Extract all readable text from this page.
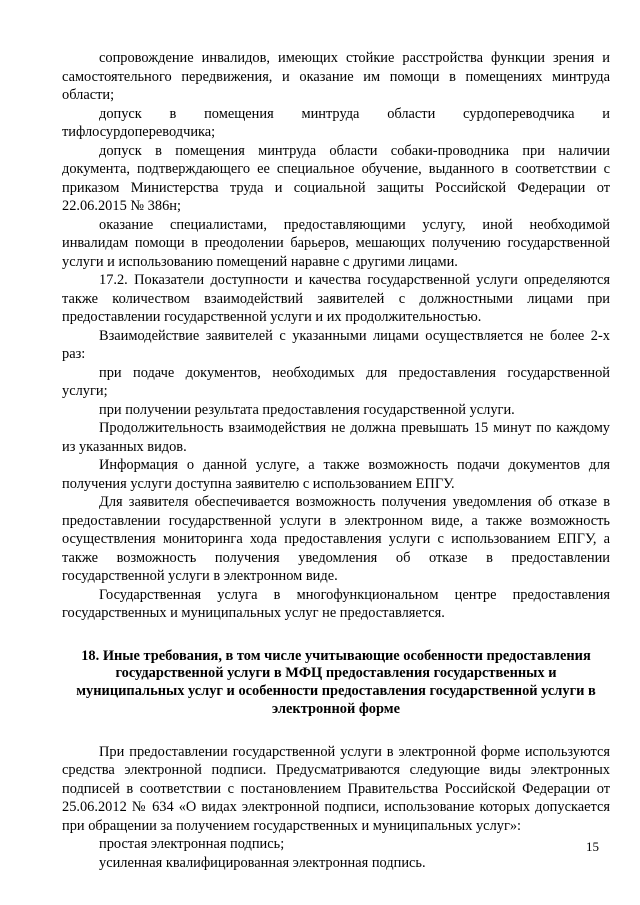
сопровождение инвалидов, имеющих стойкие расстройства функции зрения и самостоятельного передвижения, и оказание им помощи в помещениях минтруда области;

допуск в помещения минтруда области сурдопереводчика и тифлосурдопереводчика;

допуск в помещения минтруда области собаки-проводника при наличии документа, подтверждающего ее специальное обучение, выданного в соответствии с приказом Министерства труда и социальной защиты Российской Федерации от 22.06.2015 № 386н;

оказание специалистами, предоставляющими услугу, иной необходимой инвалидам помощи в преодолении барьеров, мешающих получению государственной услуги и использованию помещений наравне с другими лицами.

17.2. Показатели доступности и качества государственной услуги определяются также количеством взаимодействий заявителей с должностными лицами при предоставлении государственной услуги и их продолжительностью.

Взаимодействие заявителей с указанными лицами осуществляется не более 2-х раз:

при подаче документов, необходимых для предоставления государственной услуги;

при получении результата предоставления государственной услуги.

Продолжительность взаимодействия не должна превышать 15 минут по каждому из указанных видов.

Информация о данной услуге, а также возможность подачи документов для получения услуги доступна заявителю с использованием ЕПГУ.

Для заявителя обеспечивается возможность получения уведомления об отказе в предоставлении государственной услуги в электронном виде, а также возможность осуществления мониторинга хода предоставления услуги с использованием ЕПГУ, а также возможность получения уведомления об отказе в предоставлении государственной услуги в электронном виде.

Государственная услуга в многофункциональном центре предоставления государственных и муниципальных услуг не предоставляется.

18. Иные требования, в том числе учитывающие особенности предоставления государственной услуги в МФЦ предоставления государственных и муниципальных услуг и особенности предоставления государственной услуги в электронной форме

При предоставлении государственной услуги в электронной форме используются средства электронной подписи. Предусматриваются следующие виды электронных подписей в соответствии с постановлением Правительства Российской Федерации от 25.06.2012 № 634 «О видах электронной подписи, использование которых допускается при обращении за получением государственных и муниципальных услуг»:

простая электронная подпись;

усиленная квалифицированная электронная подпись.

15
